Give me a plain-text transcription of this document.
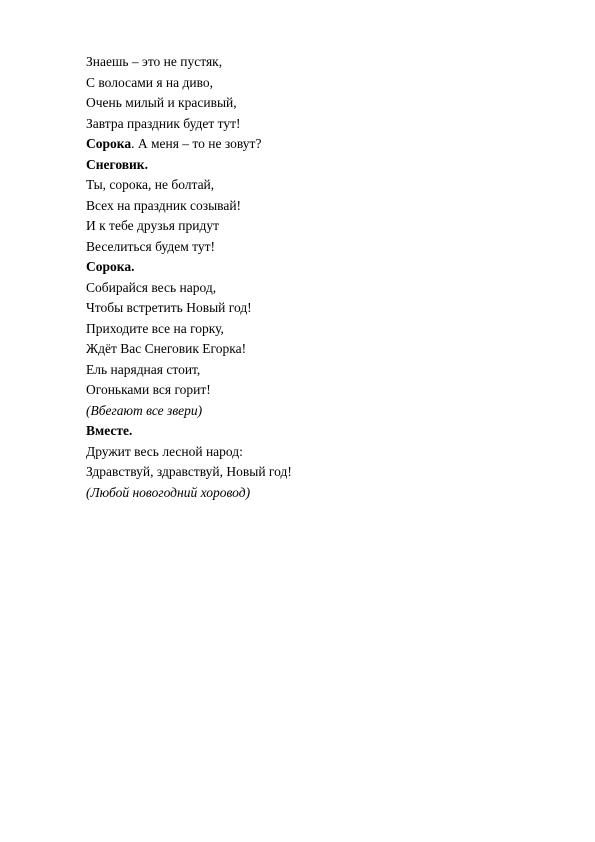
Знаешь – это не пустяк,
С волосами я на диво,
Очень милый и красивый,
Завтра праздник будет тут!
Сорока. А меня – то не зовут?
Снеговик.
Ты, сорока, не болтай,
Всех на праздник созывай!
И к тебе друзья придут
Веселиться будем тут!
Сорока.
Собирайся весь народ,
Чтобы встретить Новый год!
Приходите все на горку,
Ждёт Вас Снеговик Егорка!
Ель нарядная стоит,
Огоньками вся горит!
(Вбегают все звери)
Вместе.
Дружит весь лесной народ:
Здравствуй, здравствуй, Новый год!
(Любой новогодний хоровод)
